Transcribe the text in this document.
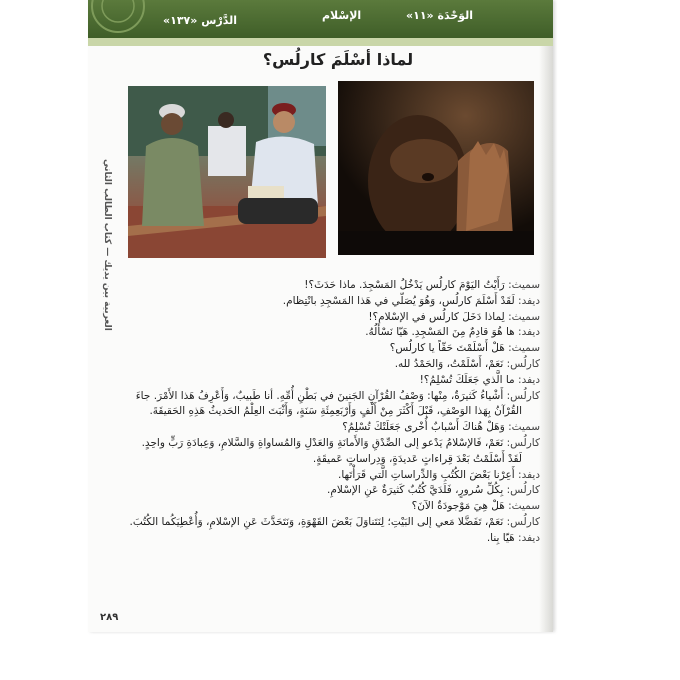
الوَحْدَة «١١»
الإسْلام
الدَّرْس «١٣٧»
العربية بين يديك — كتاب الطالب الثاني
لماذا أسْلَمَ كارلُس؟
سميث: رَأَيْتُ اليَوْمَ كارلُس يَدْخُلُ المَسْجِدَ. ماذا حَدَثَ؟!
ديفد: لَقَدْ أَسْلَمَ كارلُس، وَهُوَ يُصَلّي في هَذا المَسْجِدِ بانْتِظام.
سميث: لِماذا دَخَلَ كارلُس في الإسْلام؟!
ديفد: ها هُوَ قادِمٌ مِنَ المَسْجِدِ. هَيّا نَسْأَلُهُ.
سميث: هَلْ أَسْلَمْتَ حَقّاً يا كارلُس؟
كارلُس: نَعَمْ، أَسْلَمْتُ، وَالحَمْدُ لله.
ديفد: ما الَّذي جَعَلَكَ تُسْلِمُ؟!
كارلُس: أَشْياءُ كَثيرَةٌ، مِنْها: وَصْفُ القُرْآنِ الجَنينَ في بَطْنِ أُمِّهِ. أنا طَبيبٌ، وَأَعْرِفُ هَذا الأَمْرَ. جاءَ
القُرْآنُ بِهَذا الوَصْفِ، قَبْلَ أَكْثَرَ مِنْ أَلْفٍ وَأَرْبَعِمِئَةِ سَنَةٍ، وَأَثْبَتَ العِلْمُ الحَديثُ هَذِهِ الحَقيقَةَ.
سميث: وَهَلْ هُناكَ أَسْبابٌ أُخْرى جَعَلَتْكَ تُسْلِمُ؟
كارلُس: نَعَمْ، فَالإسْلامُ يَدْعو إلى الصِّدْقِ وَالأَمانَةِ وَالعَدْلِ وَالمُساواةِ وَالسَّلامِ، وَعِبادَةِ رَبٍّ واحِدٍ.
لَقَدْ أَسْلَمْتُ بَعْدَ قِراءاتٍ عَديدَةٍ، وَدِراساتٍ عَميقَةٍ.
ديفد: أَعِرْنا بَعْضَ الكُتُبِ وَالدِّراساتِ الَّتي قَرَأْتَها.
كارلُس: بِكُلِّ سُرورٍ، فَلَدَيَّ كُتُبٌ كَثيرَةٌ عَنِ الإسْلامِ.
سميث: هَلْ هِيَ مَوْجودَةٌ الآنَ؟
كارلُس: نَعَمْ، تَفَضَّلا مَعي إلى البَيْتِ؛ لِنَتَناوَلَ بَعْضَ القَهْوَةِ، وَنَتَحَدَّثَ عَنِ الإسْلامِ، وَأُعْطِيَكُما الكُتُبَ.
ديفد: هَيّا بِنا.
٢٨٩
